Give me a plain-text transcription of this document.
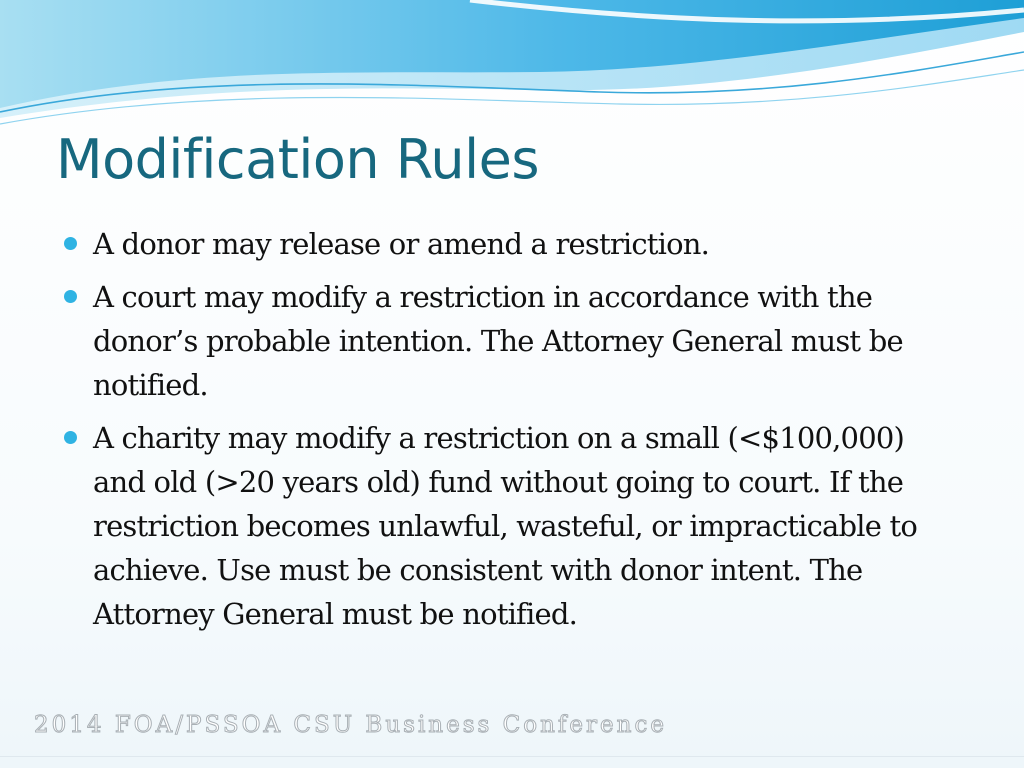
Modification Rules
A donor may release or amend a restriction.
A court may modify a restriction in accordance with the donor’s probable intention. The Attorney General must be notified.
A charity may modify a restriction on a small (<$100,000) and old (>20 years old) fund without going to court. If the restriction becomes unlawful, wasteful, or impracticable to achieve. Use must be consistent with donor intent. The Attorney General must be notified.
2014 FOA/PSSOA CSU Business Conference
